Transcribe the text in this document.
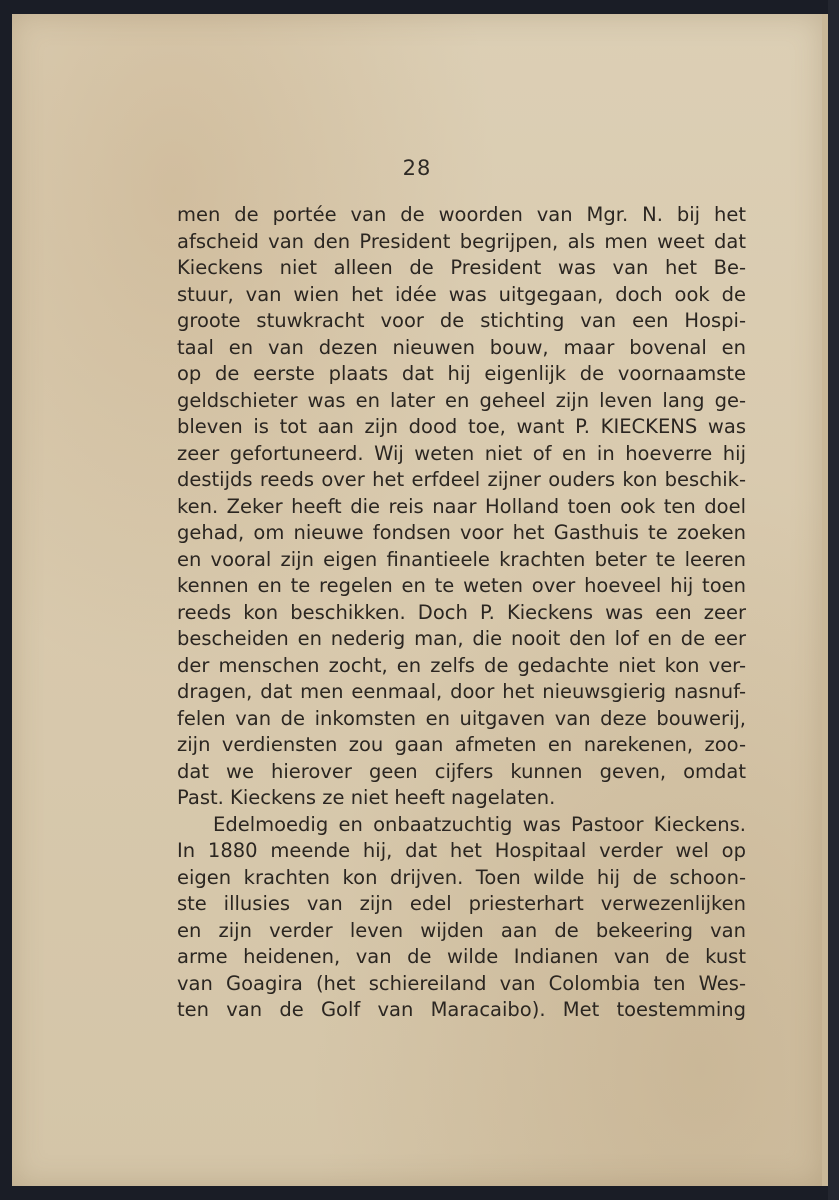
28
men de portée van de woorden van Mgr. N. bij het
afscheid van den President begrijpen, als men weet dat
Kieckens niet alleen de President was van het Be-
stuur, van wien het idée was uitgegaan, doch ook de
groote stuwkracht voor de stichting van een Hospi-
taal en van dezen nieuwen bouw, maar bovenal en
op de eerste plaats dat hij eigenlijk de voornaamste
geldschieter was en later en geheel zijn leven lang ge-
bleven is tot aan zijn dood toe, want P. KIECKENS was
zeer gefortuneerd. Wij weten niet of en in hoeverre hij
destijds reeds over het erfdeel zijner ouders kon beschik-
ken. Zeker heeft die reis naar Holland toen ook ten doel
gehad, om nieuwe fondsen voor het Gasthuis te zoeken
en vooral zijn eigen finantieele krachten beter te leeren
kennen en te regelen en te weten over hoeveel hij toen
reeds kon beschikken. Doch P. Kieckens was een zeer
bescheiden en nederig man, die nooit den lof en de eer
der menschen zocht, en zelfs de gedachte niet kon ver-
dragen, dat men eenmaal, door het nieuwsgierig nasnuf-
felen van de inkomsten en uitgaven van deze bouwerij,
zijn verdiensten zou gaan afmeten en narekenen, zoo-
dat we hierover geen cijfers kunnen geven, omdat
Past. Kieckens ze niet heeft nagelaten.
Edelmoedig en onbaatzuchtig was Pastoor Kieckens.
In 1880 meende hij, dat het Hospitaal verder wel op
eigen krachten kon drijven. Toen wilde hij de schoon-
ste illusies van zijn edel priesterhart verwezenlijken
en zijn verder leven wijden aan de bekeering van
arme heidenen, van de wilde Indianen van de kust
van Goagira (het schiereiland van Colombia ten Wes-
ten van de Golf van Maracaibo). Met toestemming
